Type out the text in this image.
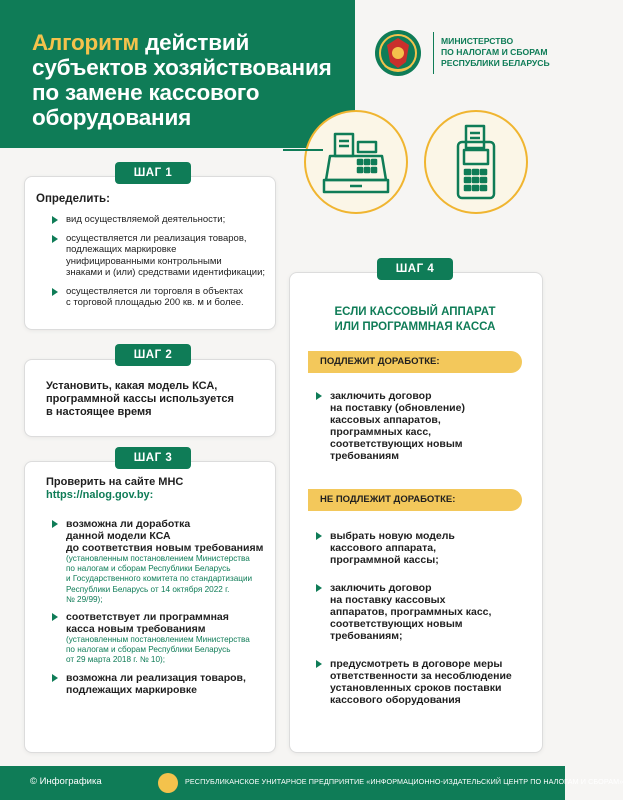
Алгоритм действий
субъектов хозяйствования
по замене кассового
оборудования
МИНИСТЕРСТВО
ПО НАЛОГАМ И СБОРАМ
РЕСПУБЛИКИ БЕЛАРУСЬ
ШАГ 1
Определить:
вид осуществляемой деятельности;
осуществляется ли реализация товаров,
подлежащих маркировке
унифицированными контрольными
знаками и (или) средствами идентификации;
осуществляется ли торговля в объектах
с торговой площадью 200 кв. м и более.
ШАГ 2
Установить, какая модель КСА,
программной кассы используется
в настоящее время
ШАГ 3
Проверить на сайте МНС
https://nalog.gov.by:
возможна ли доработка
данной модели КСА
до соответствия новым требованиям
(установленным постановлением Министерства
по налогам и сборам Республики Беларусь
и Государственного комитета по стандартизации
Республики Беларусь от 14 октября 2022 г.
№ 29/99);
соответствует ли программная
касса новым требованиям
(установленным постановлением Министерства
по налогам и сборам Республики Беларусь
от 29 марта 2018 г. № 10);
возможна ли реализация товаров,
подлежащих маркировке
ШАГ 4
ЕСЛИ КАССОВЫЙ АППАРАТ
ИЛИ ПРОГРАММНАЯ КАССА
ПОДЛЕЖИТ ДОРАБОТКЕ:
заключить договор
на поставку (обновление)
кассовых аппаратов,
программных касс,
соответствующих новым
требованиям
НЕ ПОДЛЕЖИТ ДОРАБОТКЕ:
выбрать новую модель
кассового аппарата,
программной кассы;
заключить договор
на поставку кассовых
аппаратов, программных касс,
соответствующих новым
требованиям;
предусмотреть в договоре меры
ответственности за несоблюдение
установленных сроков поставки
кассового оборудования
© Инфографика	РЕСПУБЛИКАНСКОЕ УНИТАРНОЕ ПРЕДПРИЯТИЕ «ИНФОРМАЦИОННО-ИЗДАТЕЛЬСКИЙ ЦЕНТР ПО НАЛОГАМ И СБОРАМ»
